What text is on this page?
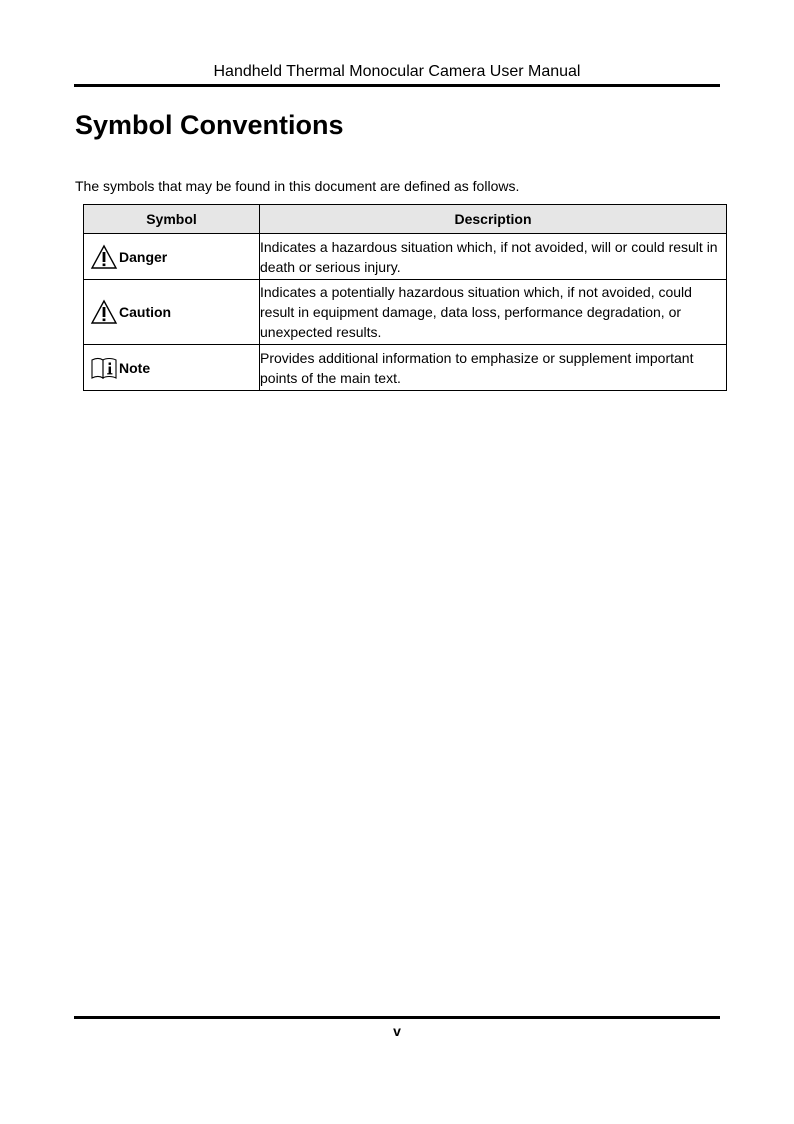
Handheld Thermal Monocular Camera User Manual
Symbol Conventions
The symbols that may be found in this document are defined as follows.
Symbol	Description

Danger	Indicates a hazardous situation which, if not avoided, will or could result in death or serious injury.

Caution	Indicates a potentially hazardous situation which, if not avoided, could result in equipment damage, data loss, performance degradation, or unexpected results.

Note	Provides additional information to emphasize or supplement important points of the main text.
v
